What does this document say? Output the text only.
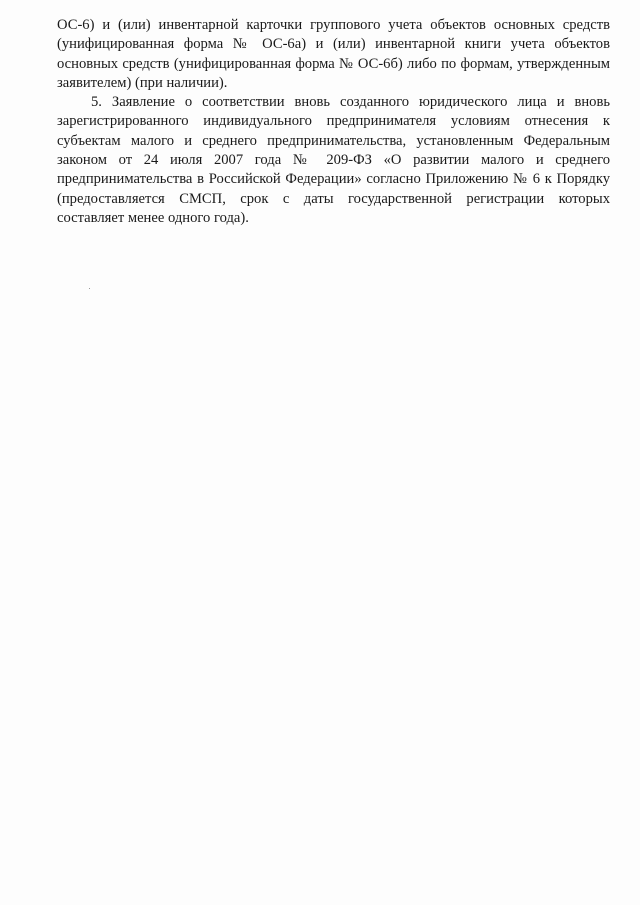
ОС-6) и (или) инвентарной карточки группового учета объектов основных средств
(унифицированная форма № ОС-6а) и (или) инвентарной книги учета объектов
основных средств (унифицированная форма № ОС-6б) либо по формам, утвержденным
заявителем) (при наличии).
5. Заявление о соответствии вновь созданного юридического лица и вновь
зарегистрированного индивидуального предпринимателя условиям отнесения к
субъектам малого и среднего предпринимательства, установленным Федеральным
законом от 24 июля 2007 года № 209-ФЗ «О развитии малого и среднего
предпринимательства в Российской Федерации» согласно Приложению № 6 к Порядку
(предоставляется СМСП, срок с даты государственной регистрации которых
составляет менее одного года).
